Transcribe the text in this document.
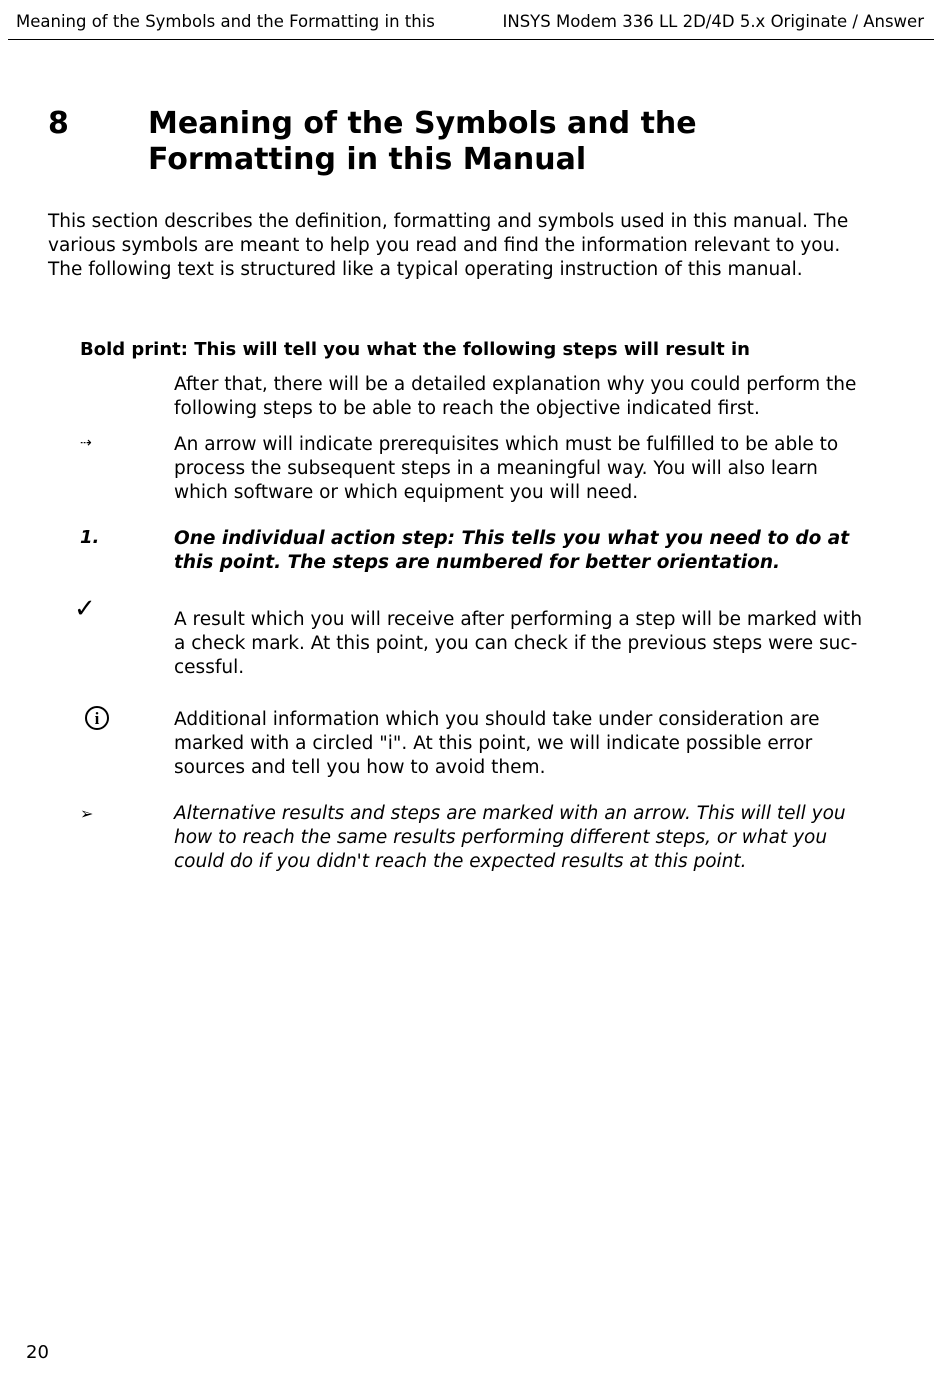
Meaning of the Symbols and the Formatting in this	INSYS Modem 336 LL 2D/4D 5.x Originate / Answer
8	Meaning of the Symbols and the Formatting in this Manual
This section describes the definition, formatting and symbols used in this manual. The various symbols are meant to help you read and find the information relevant to you. The following text is structured like a typical operating instruction of this manual.
Bold print: This will tell you what the following steps will result in
After that, there will be a detailed explanation why you could perform the following steps to be able to reach the objective indicated first.
⇢	An arrow will indicate prerequisites which must be fulfilled to be able to process the subsequent steps in a meaningful way. You will also learn which software or which equipment you will need.
1.	One individual action step: This tells you what you need to do at this point. The steps are numbered for better orientation.
✓	A result which you will receive after performing a step will be marked with a check mark. At this point, you can check if the previous steps were suc-cessful.
i	Additional information which you should take under consideration are marked with a circled "i". At this point, we will indicate possible error sources and tell you how to avoid them.
➢	Alternative results and steps are marked with an arrow. This will tell you how to reach the same results performing different steps, or what you could do if you didn't reach the expected results at this point.
20
